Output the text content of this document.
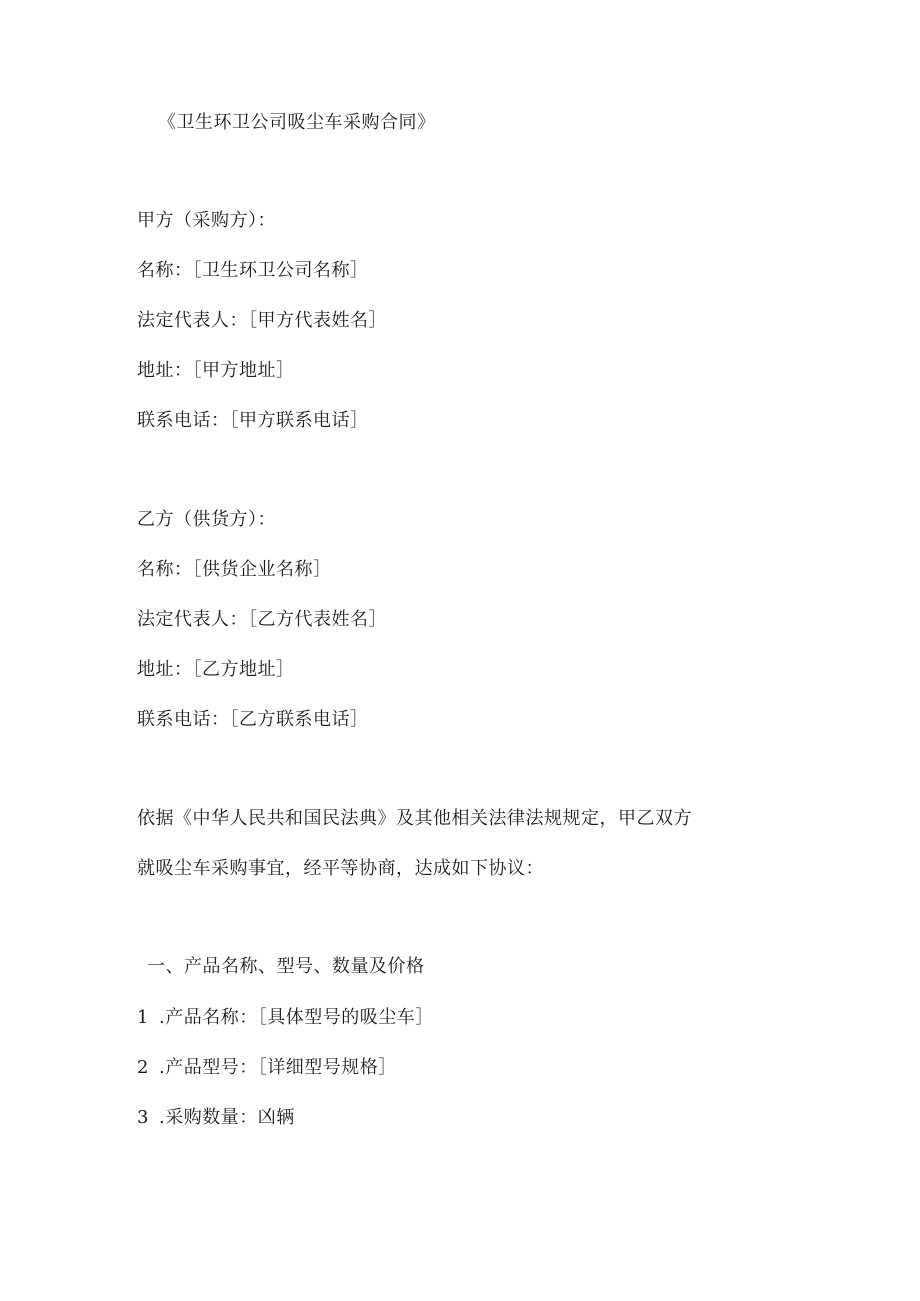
《卫生环卫公司吸尘车采购合同》
甲方（采购方）：
名称：［卫生环卫公司名称］
法定代表人：［甲方代表姓名］
地址：［甲方地址］
联系电话：［甲方联系电话］
乙方（供货方）：
名称：［供货企业名称］
法定代表人：［乙方代表姓名］
地址：［乙方地址］
联系电话：［乙方联系电话］
依据《中华人民共和国民法典》及其他相关法律法规规定，甲乙双方
就吸尘车采购事宜，经平等协商，达成如下协议：
一、产品名称、型号、数量及价格
1 .产品名称：［具体型号的吸尘车］
2 .产品型号：［详细型号规格］
3 .采购数量：凶辆
